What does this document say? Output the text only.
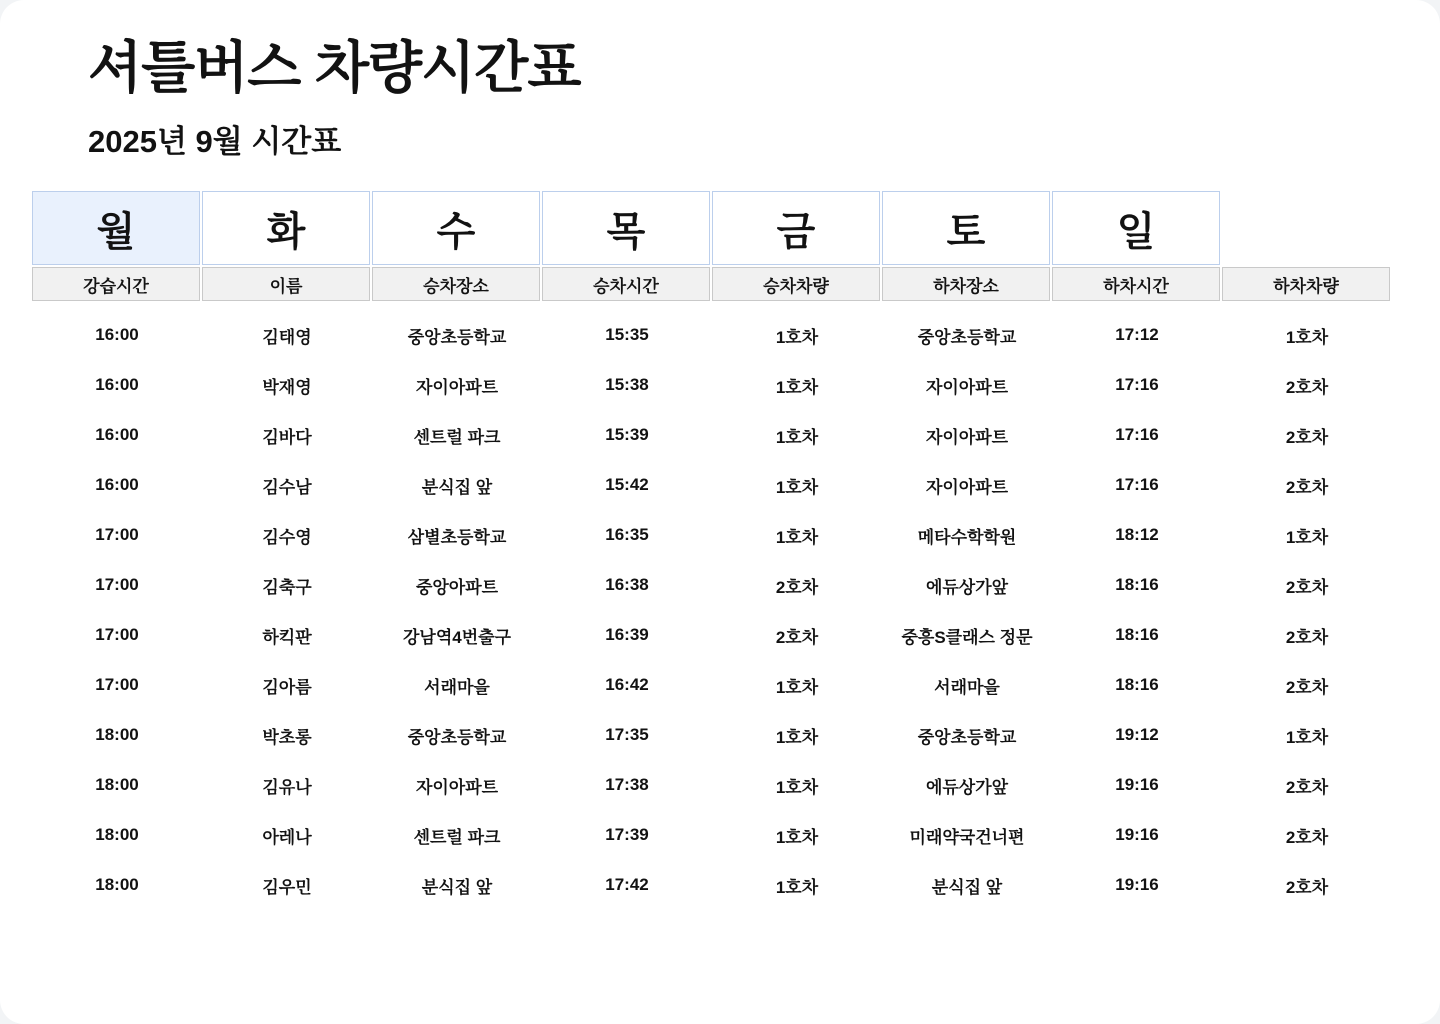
셔틀버스 차량시간표
2025년 9월 시간표
월	화	수	목	금	토	일
강습시간	이름	승차장소	승차시간	승차차량	하차장소	하차시간	하차차량
16:00	김태영	중앙초등학교	15:35	1호차	중앙초등학교	17:12	1호차
16:00	박재영	자이아파트	15:38	1호차	자이아파트	17:16	2호차
16:00	김바다	센트럴 파크	15:39	1호차	자이아파트	17:16	2호차
16:00	김수남	분식집 앞	15:42	1호차	자이아파트	17:16	2호차
17:00	김수영	삼별초등학교	16:35	1호차	메타수학학원	18:12	1호차
17:00	김축구	중앙아파트	16:38	2호차	에듀상가앞	18:16	2호차
17:00	하킥판	강남역4번출구	16:39	2호차	중흥S클래스 정문	18:16	2호차
17:00	김아름	서래마을	16:42	1호차	서래마을	18:16	2호차
18:00	박초롱	중앙초등학교	17:35	1호차	중앙초등학교	19:12	1호차
18:00	김유나	자이아파트	17:38	1호차	에듀상가앞	19:16	2호차
18:00	아레나	센트럴 파크	17:39	1호차	미래약국건너편	19:16	2호차
18:00	김우민	분식집 앞	17:42	1호차	분식집 앞	19:16	2호차
